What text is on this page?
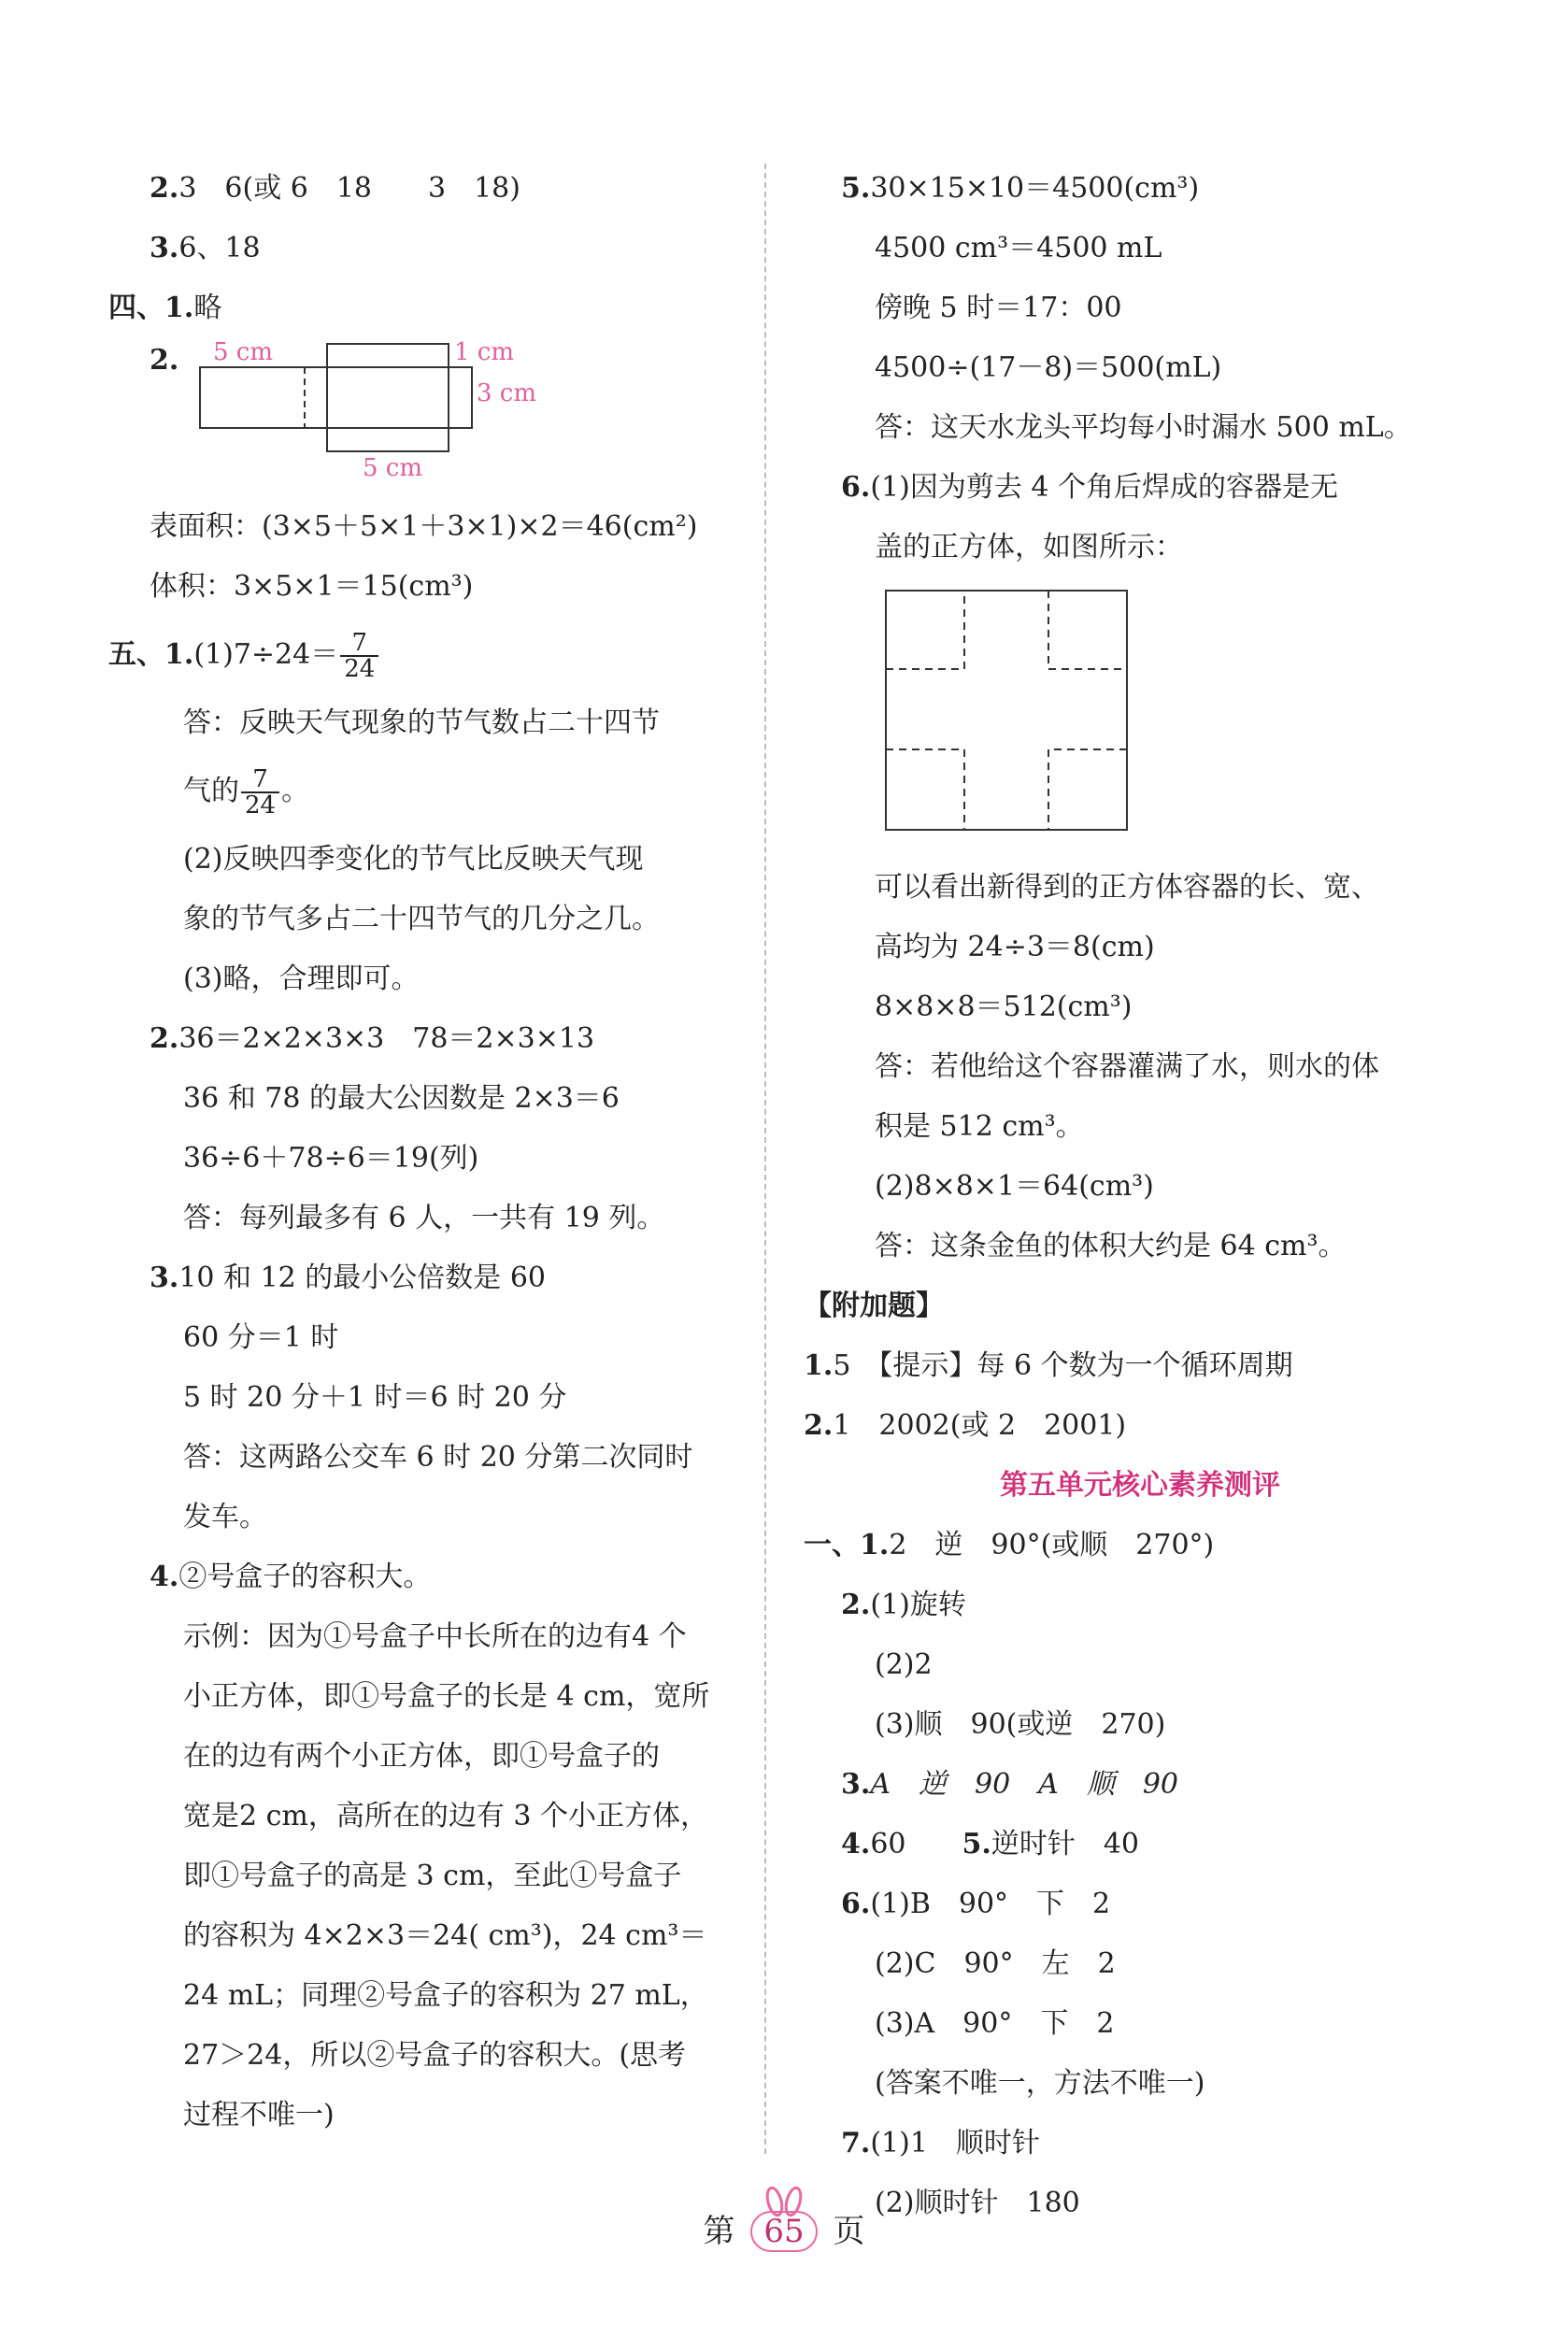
2.3　6(或 6　18　　3　18)
3.6、18
四、1.略
2. 5 cm	1 cm
3 cm
5 cm
表面积：(3×5＋5×1＋3×1)×2＝46(cm²)
体积：3×5×1＝15(cm³)
五、$1.(1)7\div 24= \frac{7}{24}$
答：反映天气现象的节气数占二十四节
气的 $\frac{7}{24}$ 。
(2)反映四季变化的节气比反映天气现
象的节气多占二十四节气的几分之几。
(3)略，合理即可。
2.36＝2×2×3×3　78＝2×3×13
36 和 78 的最大公因数是 2×3＝6
36÷6＋78÷6＝19(列)
答：每列最多有 6 人，一共有 19 列。
3.10 和 12 的最小公倍数是 60
60 分＝1 时
5 时 20 分＋1 时＝6 时 20 分
答：这两路公交车 6 时 20 分第二次同时
发车。
4.②号盒子的容积大。
示例：因为①号盒子中长所在的边有4 个
小正方体，即①号盒子的长是 4 cm，宽所
在的边有两个小正方体，即①号盒子的
宽是2 cm，高所在的边有 3 个小正方体，
即①号盒子的高是 3 cm，至此①号盒子
的容积为 4×2×3＝24( cm³)，24 cm³＝
24 mL；同理②号盒子的容积为 27 mL，
27＞24，所以②号盒子的容积大。(思考
过程不唯一)
5.30×15×10＝4500(cm³)
4500 cm³＝4500 mL
傍晚 5 时＝17：00
4500÷(17－8)＝500(mL)
答：这天水龙头平均每小时漏水 500 mL。
6.(1)因为剪去 4 个角后焊成的容器是无
盖的正方体，如图所示：
可以看出新得到的正方体容器的长、宽、
高均为 24÷3＝8(cm)
8×8×8＝512(cm³)
答：若他给这个容器灌满了水，则水的体
积是 512 cm³。
(2)8×8×1＝64(cm³)
答：这条金鱼的体积大约是 64 cm³。
【附加题】
1.5　【提示】每 6 个数为一个循环周期
2.1　2002(或 2　2001)
第五单元核心素养测评
一、1.2　逆　90°(或顺　270°)
2.(1)旋转
(2)2
(3)顺　90(或逆　270)
3.A　逆　90　A　顺　90
4.60 5.逆时针　40
6.(1)B　90°　下　2
(2)C　90°　左　2
(3)A　90°　下　2
(答案不唯一，方法不唯一)
7.(1)1　顺时针
(2)顺时针　180
第 65 页
